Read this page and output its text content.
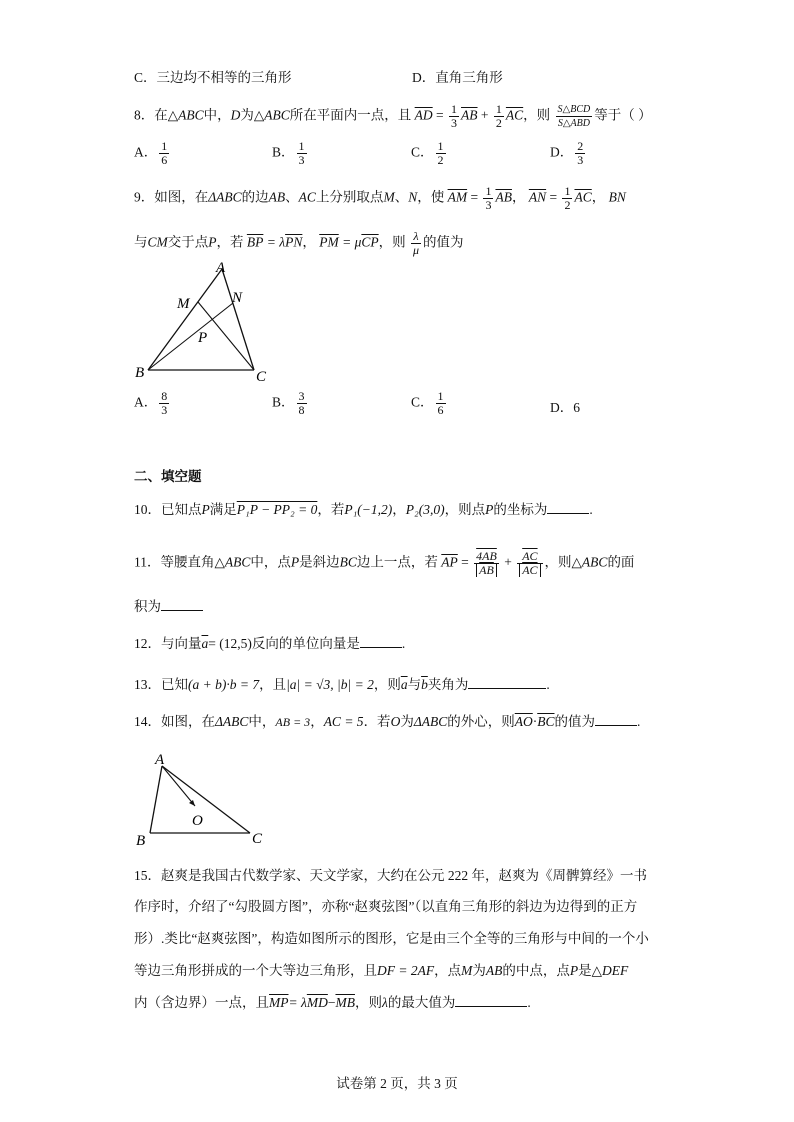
C．三边均不相等的三角形	D．直角三角形
8．在△ABC中，D为△ABC所在平面内一点，且 $\overline{AD} = \frac{1}{3} \overline{AB} + \frac{1}{2} \overline{AC}$，则 $\frac{\text{S△BCD}}{\text{S△ABD}}$ 等于（ ）
A． $\frac{1}{6}$	B． $\frac{1}{3}$	C． $\frac{1}{2}$	D． $\frac{2}{3}$
9．如图，在ΔABC的边AB、AC上分别取点M、N，使 $\overline{AM} = \frac{1}{3} \overline{AB}$， $\overline{AN} = \frac{1}{2} \overline{AC}$， BN
与CM交于点P，若 $\overline{BP} = \lambda\overline{PN}$， $\overline{PM} = \mu\overline{CP}$，则 $\frac{\lambda}{\mu}$ 的值为
A
B	C
M	N
P
A． $\frac{8}{3}$	B． $\frac{3}{8}$	C． $\frac{1}{6}$	D．6
二、填空题
10．已知点P满足P₁P − PP₂ = 0，若P₁(−1,2)，P₂(3,0)，则点P的坐标为	.
11．等腰直角△ABC中，点P是斜边BC边上一点，若 $\overline{AP} = \frac{4AB}{AB} + \frac{\overline{AC}}{AC}$ ，则△ABC的面
积为
12．与向量$\overline{a}= (12,5)$反向的单位向量是	.
13．已知(a + b)·b = 7，且|a| = √3, |b| = 2，则$\overline{a}$与$\overline{b}$夹角为	.
14．如图，在ΔABC中，AB = 3，AC = 5．若O为ΔABC的外心，则$\overline{AO}\cdot\overline{BC}$的值为	.
A
B	C
O
15．赵爽是我国古代数学家、天文学家，大约在公元 222 年，赵爽为《周髀算经》一书
作序时，介绍了“勾股圆方图”，亦称“赵爽弦图”（以直角三角形的斜边为边得到的正方
形）.类比“赵爽弦图”，构造如图所示的图形，它是由三个全等的三角形与中间的一个小
等边三角形拼成的一个大等边三角形，且DF = 2AF，点M为AB的中点，点P是△DEF
内（含边界）一点，且$\overline{MP}= \lambda\overline{MD}-\overline{MB}$，则λ的最大值为	.
试卷第 2 页，共 3 页
